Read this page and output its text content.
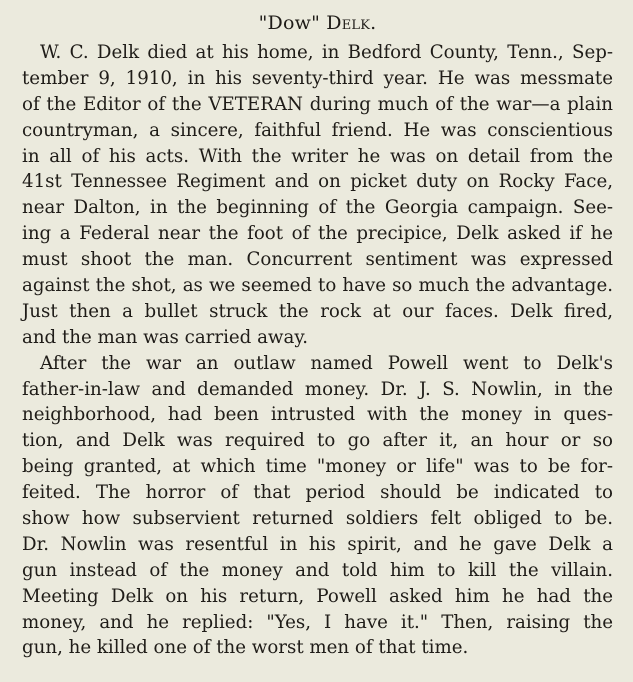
"Dow" Delk.
W. C. Delk died at his home, in Bedford County, Tenn., Sep-
tember 9, 1910, in his seventy-third year. He was messmate
of the Editor of the VETERAN during much of the war—a plain
countryman, a sincere, faithful friend. He was conscientious
in all of his acts. With the writer he was on detail from the
41st Tennessee Regiment and on picket duty on Rocky Face,
near Dalton, in the beginning of the Georgia campaign. See-
ing a Federal near the foot of the precipice, Delk asked if he
must shoot the man. Concurrent sentiment was expressed
against the shot, as we seemed to have so much the advantage.
Just then a bullet struck the rock at our faces. Delk fired,
and the man was carried away.
After the war an outlaw named Powell went to Delk's
father-in-law and demanded money. Dr. J. S. Nowlin, in the
neighborhood, had been intrusted with the money in ques-
tion, and Delk was required to go after it, an hour or so
being granted, at which time "money or life" was to be for-
feited. The horror of that period should be indicated to
show how subservient returned soldiers felt obliged to be.
Dr. Nowlin was resentful in his spirit, and he gave Delk a
gun instead of the money and told him to kill the villain.
Meeting Delk on his return, Powell asked him he had the
money, and he replied: "Yes, I have it." Then, raising the
gun, he killed one of the worst men of that time.
